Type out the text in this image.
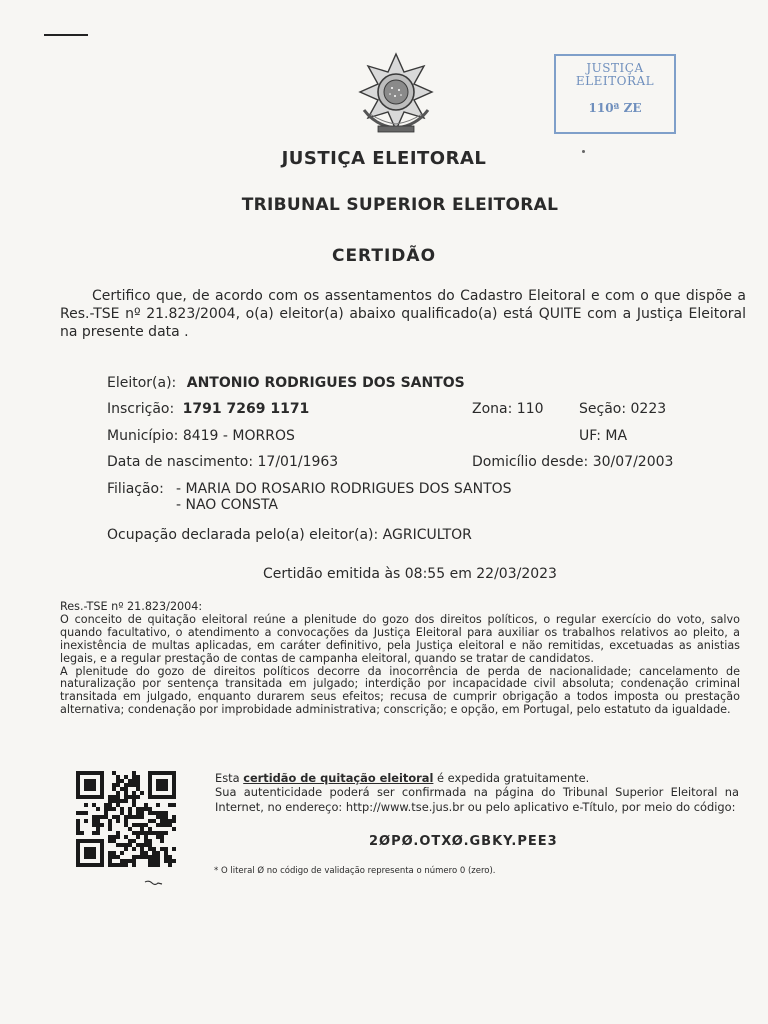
JUSTIÇA
ELEITORAL
110ª ZE
JUSTIÇA ELEITORAL
TRIBUNAL SUPERIOR ELEITORAL
CERTIDÃO
Certifico que, de acordo com os assentamentos do Cadastro Eleitoral e com o que dispõe a Res.-TSE nº 21.823/2004, o(a) eleitor(a) abaixo qualificado(a) está QUITE com a Justiça Eleitoral na presente data .
Eleitor(a): ANTONIO RODRIGUES DOS SANTOS
Inscrição: 1791 7269 1171	Zona: 110	Seção: 0223
Município: 8419 - MORROS	UF: MA
Data de nascimento: 17/01/1963	Domicílio desde: 30/07/2003
Filiação: - MARIA DO ROSARIO RODRIGUES DOS SANTOS
- NAO CONSTA
Ocupação declarada pelo(a) eleitor(a): AGRICULTOR
Certidão emitida às 08:55 em 22/03/2023

Res.-TSE nº 21.823/2004:

O conceito de quitação eleitoral reúne a plenitude do gozo dos direitos políticos, o regular exercício do voto, salvo quando facultativo, o atendimento a convocações da Justiça Eleitoral para auxiliar os trabalhos relativos ao pleito, a inexistência de multas aplicadas, em caráter definitivo, pela Justiça eleitoral e não remitidas, excetuadas as anistias legais, e a regular prestação de contas de campanha eleitoral, quando se tratar de candidatos.

A plenitude do gozo de direitos políticos decorre da inocorrência de perda de nacionalidade; cancelamento de naturalização por sentença transitada em julgado; interdição por incapacidade civil absoluta; condenação criminal transitada em julgado, enquanto durarem seus efeitos; recusa de cumprir obrigação a todos imposta ou prestação alternativa; condenação por improbidade administrativa; conscrição; e opção, em Portugal, pelo estatuto da igualdade.

Esta certidão de quitação eleitoral é expedida gratuitamente.

Sua autenticidade poderá ser confirmada na página do Tribunal Superior Eleitoral na Internet, no endereço: http://www.tse.jus.br ou pelo aplicativo e-Título, por meio do código:

2ØPØ.OTXØ.GBKY.PEE3
* O literal Ø no código de validação representa o número 0 (zero).
